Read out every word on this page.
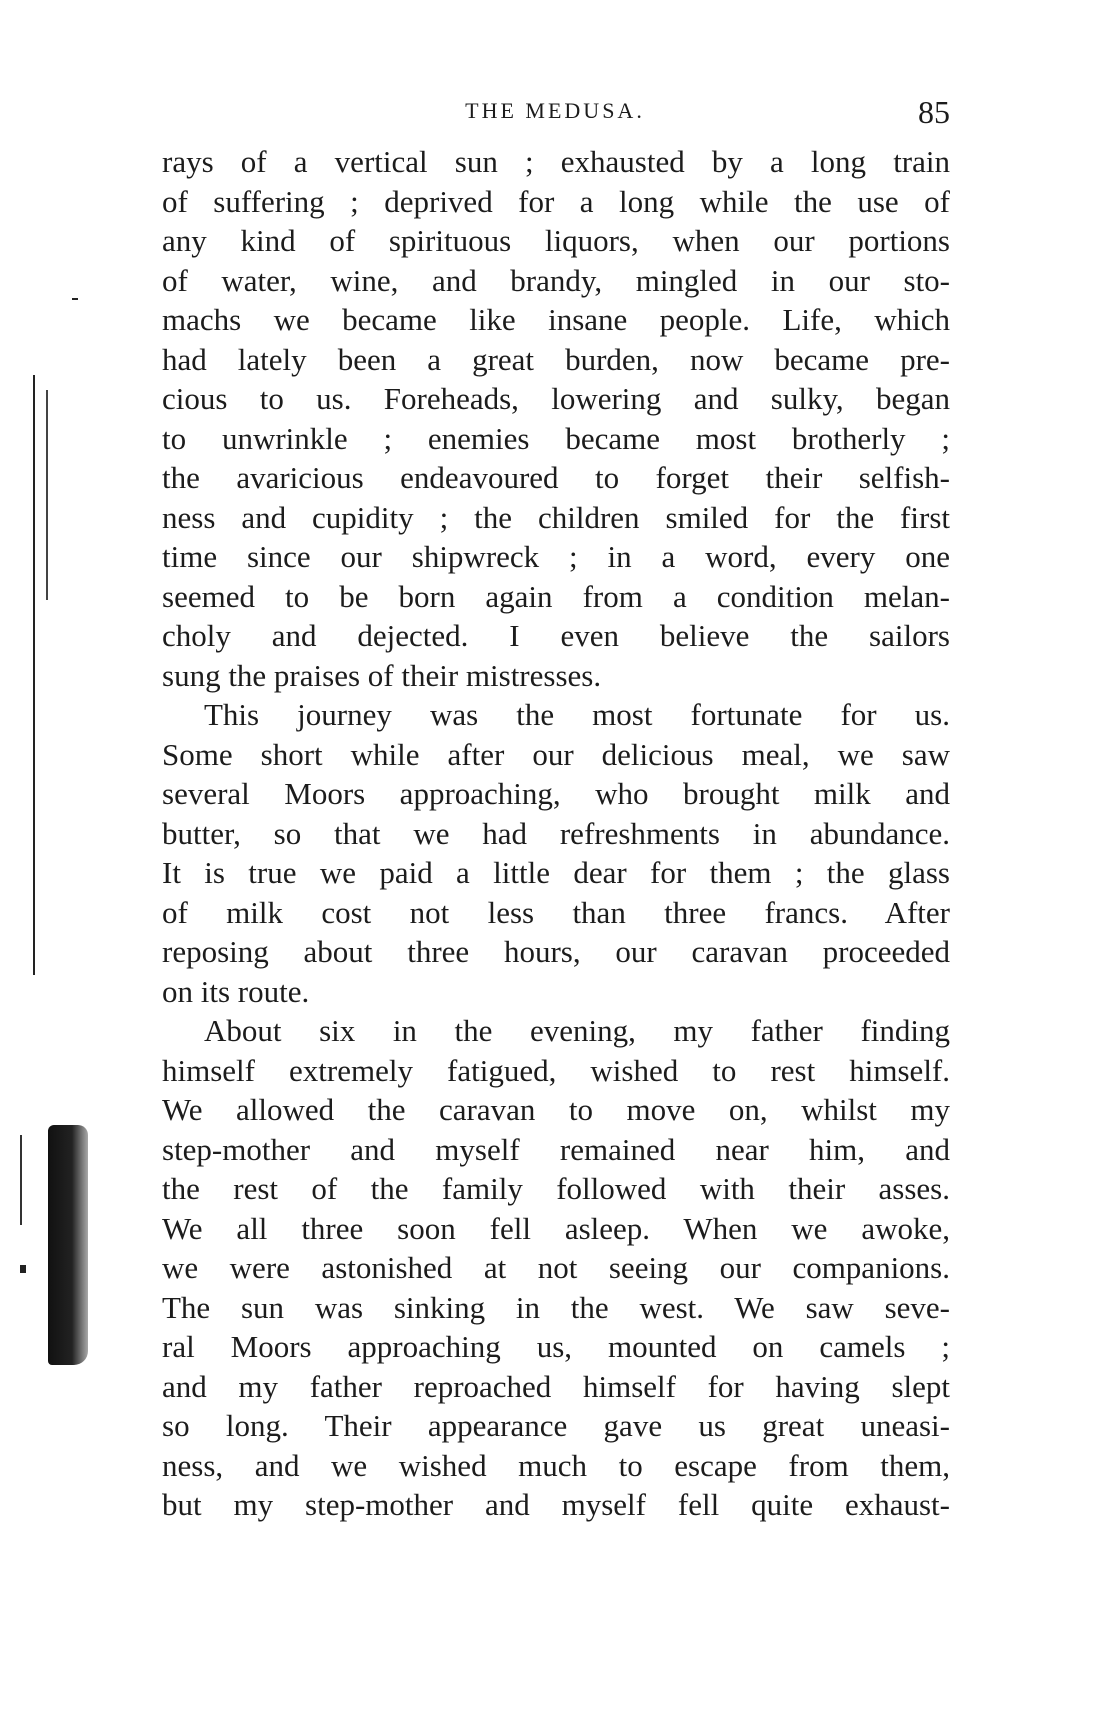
THE MEDUSA.	85
rays of a vertical sun ; exhausted by a long train
of suffering ; deprived for a long while the use of
any kind of spirituous liquors, when our portions
of water, wine, and brandy, mingled in our sto-
machs we became like insane people. Life, which
had lately been a great burden, now became pre-
cious to us. Foreheads, lowering and sulky, began
to unwrinkle ; enemies became most brotherly ;
the avaricious endeavoured to forget their selfish-
ness and cupidity ; the children smiled for the first
time since our shipwreck ; in a word, every one
seemed to be born again from a condition melan-
choly and dejected. I even believe the sailors
sung the praises of their mistresses.
This journey was the most fortunate for us.
Some short while after our delicious meal, we saw
several Moors approaching, who brought milk and
butter, so that we had refreshments in abundance.
It is true we paid a little dear for them ; the glass
of milk cost not less than three francs. After
reposing about three hours, our caravan proceeded
on its route.
About six in the evening, my father finding
himself extremely fatigued, wished to rest himself.
We allowed the caravan to move on, whilst my
step-mother and myself remained near him, and
the rest of the family followed with their asses.
We all three soon fell asleep. When we awoke,
we were astonished at not seeing our companions.
The sun was sinking in the west. We saw seve-
ral Moors approaching us, mounted on camels ;
and my father reproached himself for having slept
so long. Their appearance gave us great uneasi-
ness, and we wished much to escape from them,
but my step-mother and myself fell quite exhaust-
